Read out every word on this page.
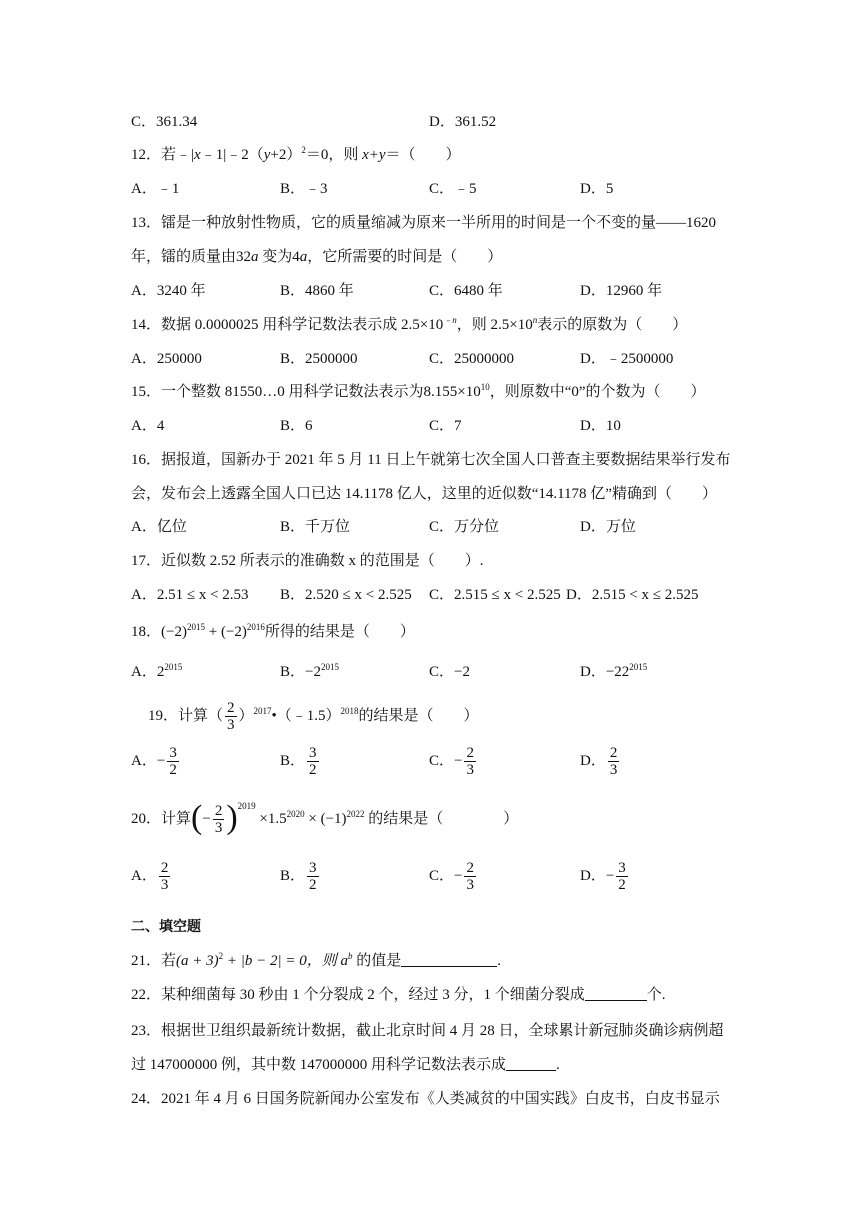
C．361.34	D．361.52
12．若$﹣|x﹣1|﹣2(y+2)^2=0$，则 x+y＝（　　）
A．﹣1	B．﹣3	C．﹣5	D．5
13．镭是一种放射性物质，它的质量缩减为原来一半所用的时间是一个不变的量——1620
年，镭的质量由32a 变为4a，它所需要的时间是（　　）
A．3240 年	B．4860 年	C．6480 年	D．12960 年
14．数据 0.0000025 用科学记数法表示成 $2.5\times 10^{﹣n}$，则 $2.5\times 10^n$表示的原数为（　　）
A．250000	B．2500000	C．25000000	D．﹣2500000
15．一个整数 81550…0 用科学记数法表示为$8.155\times 10^{10}$，则原数中“0”的个数为（　　）
A．4	B．6	C．7	D．10
16．据报道，国新办于 2021 年 5 月 11 日上午就第七次全国人口普查主要数据结果举行发布
会，发布会上透露全国人口已达 14.1178 亿人，这里的近似数“14.1178 亿”精确到（　　）
A．亿位	B．千万位	C．万分位	D．万位
17．近似数 2.52 所表示的准确数 x 的范围是（　　）.
A．2.51 ≤ x < 2.53 B．2.520 ≤ x < 2.525 C．2.515 ≤ x < 2.525 D．2.515 < x ≤ 2.525
18．$(-2)^{2015} + (-2)^{2016}$所得的结果是（　　）
A．$2^{2015}$	B．$-2^{2015}$	C．−2	D．$-22^{2015}$
19．计算（ $\frac{2}{3}$ ）$^{2017}$•（﹣1.5）$^{2018}$的结果是（　　）
A．− $\frac{3}{2}$	B． $\frac{3}{2}$	C．− $\frac{2}{3}$	D． $\frac{2}{3}$
20．计算(− $\frac{2}{3} )^{2019} \times 1.5^{2020} \times (-1)^{2022}$ 的结果是（　　　　）
A． $\frac{2}{3}$	B． $\frac{3}{2}$	C．− $\frac{2}{3}$	D．− $\frac{3}{2}$
二、填空题
21．若$(a + 3)^2 + |b - 2| = 0$，则 $a^b$ 的值是	.
22．某种细菌每 30 秒由 1 个分裂成 2 个，经过 3 分，1 个细菌分裂成	个.
23．根据世卫组织最新统计数据，截止北京时间 4 月 28 日，全球累计新冠肺炎确诊病例超
过 147000000 例，其中数 147000000 用科学记数法表示成	.
24．2021 年 4 月 6 日国务院新闻办公室发布《人类减贫的中国实践》白皮书，白皮书显示
